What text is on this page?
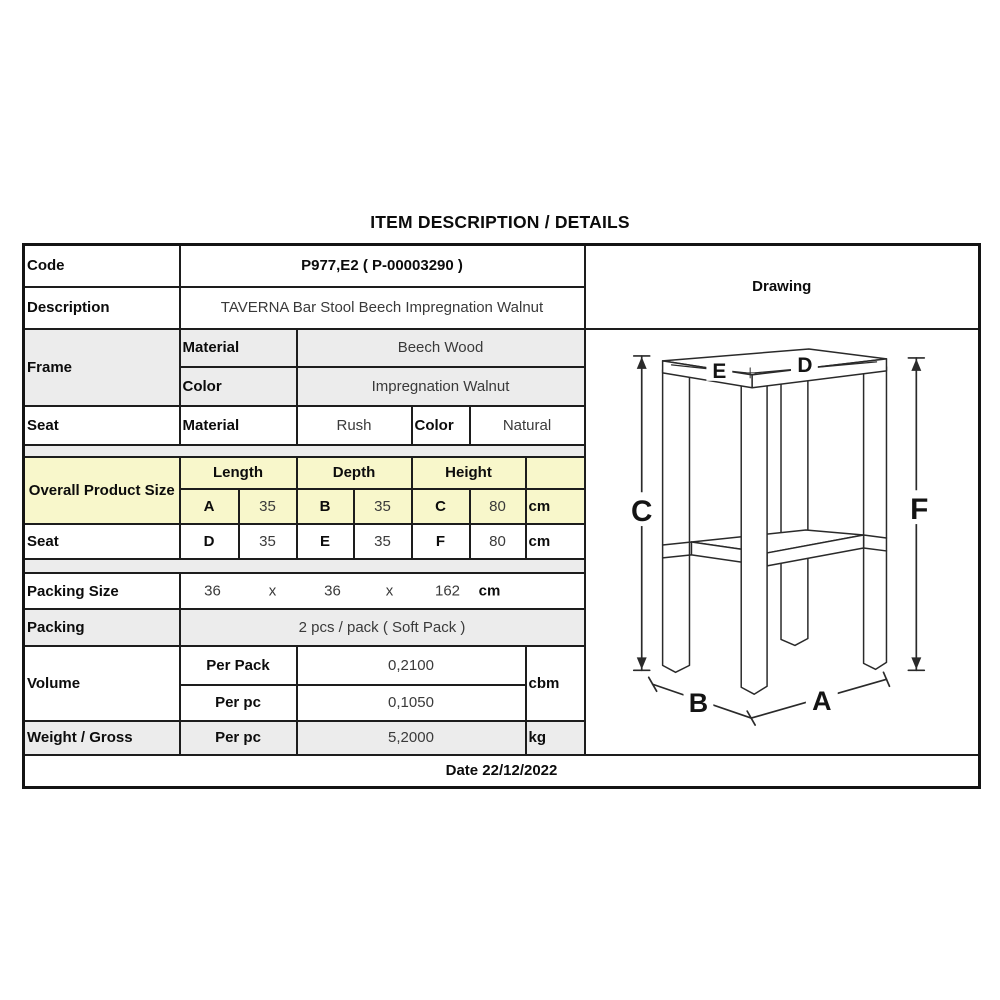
ITEM DESCRIPTION / DETAILS
Code	P977,E2 ( P-00003290 )							Drawing
Description	TAVERNA Bar Stool Beech Impregnation Walnut							
Frame	Material	Beech Wood	
E	D
C	F
B	A

	Color		Impregnation Walnut					
Seat	Material		Rush		Color	Natural		

Overall Product Size	Length		Depth		Height			
	A	35	B	35	C	80	cm	
Seat	D	35	E	35	F	80	cm	

Packing Size	36	x	36	x	162 cm

Packing	2 pcs / pack ( Soft Pack )							
Volume	Per Pack		0,2100				cbm	
	Per pc		0,1050					
Weight / Gross	Per pc		5,2000				kg	
Date 22/12/2022								
